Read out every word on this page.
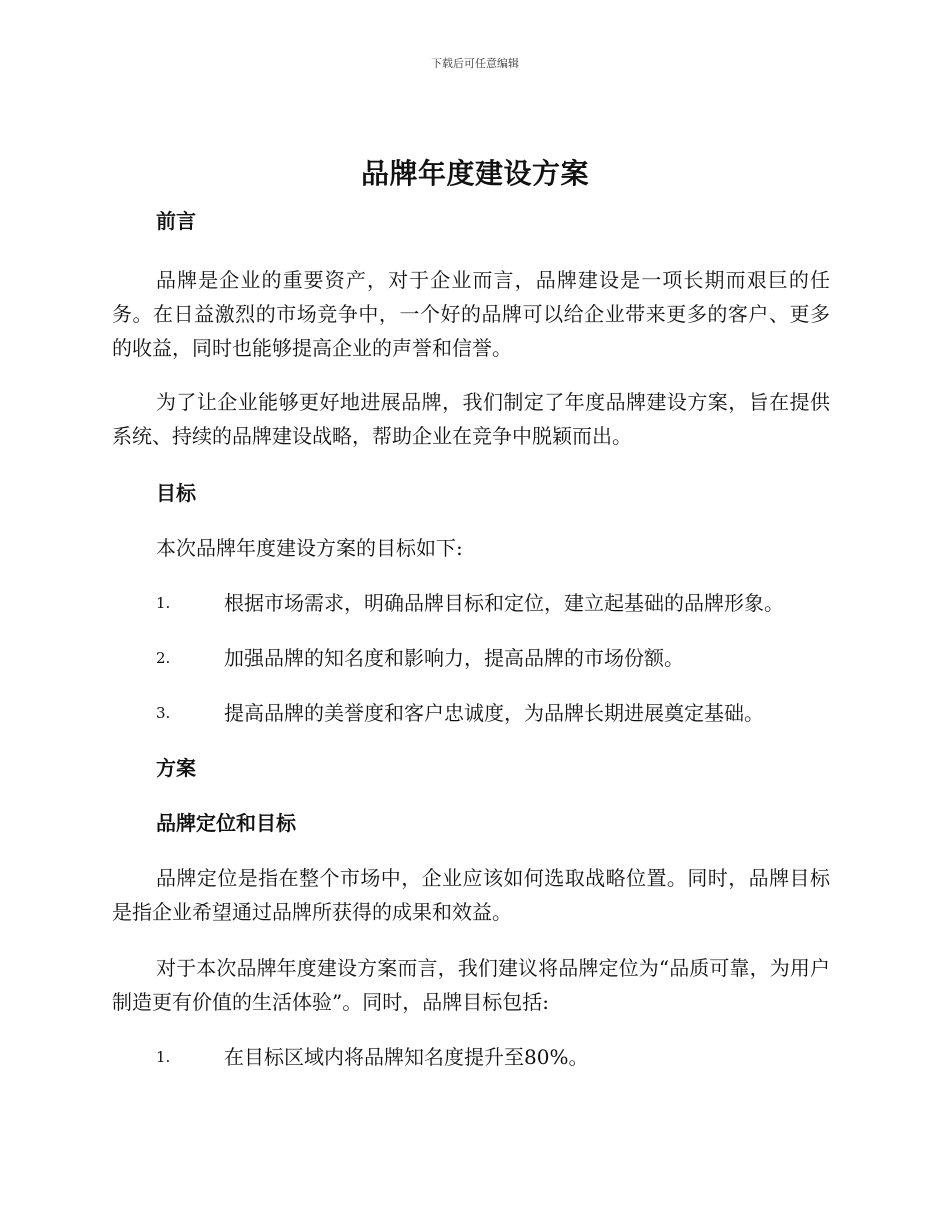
下载后可任意编辑
品牌年度建设方案
前言

品牌是企业的重要资产，对于企业而言，品牌建设是一项长期而艰巨的任务。在日益激烈的市场竞争中，一个好的品牌可以给企业带来更多的客户、更多的收益，同时也能够提高企业的声誉和信誉。

为了让企业能够更好地进展品牌，我们制定了年度品牌建设方案，旨在提供系统、持续的品牌建设战略，帮助企业在竞争中脱颖而出。

目标

本次品牌年度建设方案的目标如下:

1.	根据市场需求，明确品牌目标和定位，建立起基础的品牌形象。
2.	加强品牌的知名度和影响力，提高品牌的市场份额。
3.	提高品牌的美誉度和客户忠诚度，为品牌长期进展奠定基础。
方案
品牌定位和目标

品牌定位是指在整个市场中，企业应该如何选取战略位置。同时，品牌目标是指企业希望通过品牌所获得的成果和效益。

对于本次品牌年度建设方案而言，我们建议将品牌定位为“品质可靠，为用户制造更有价值的生活体验”。同时，品牌目标包括:

1.	在目标区域内将品牌知名度提升至80%。
